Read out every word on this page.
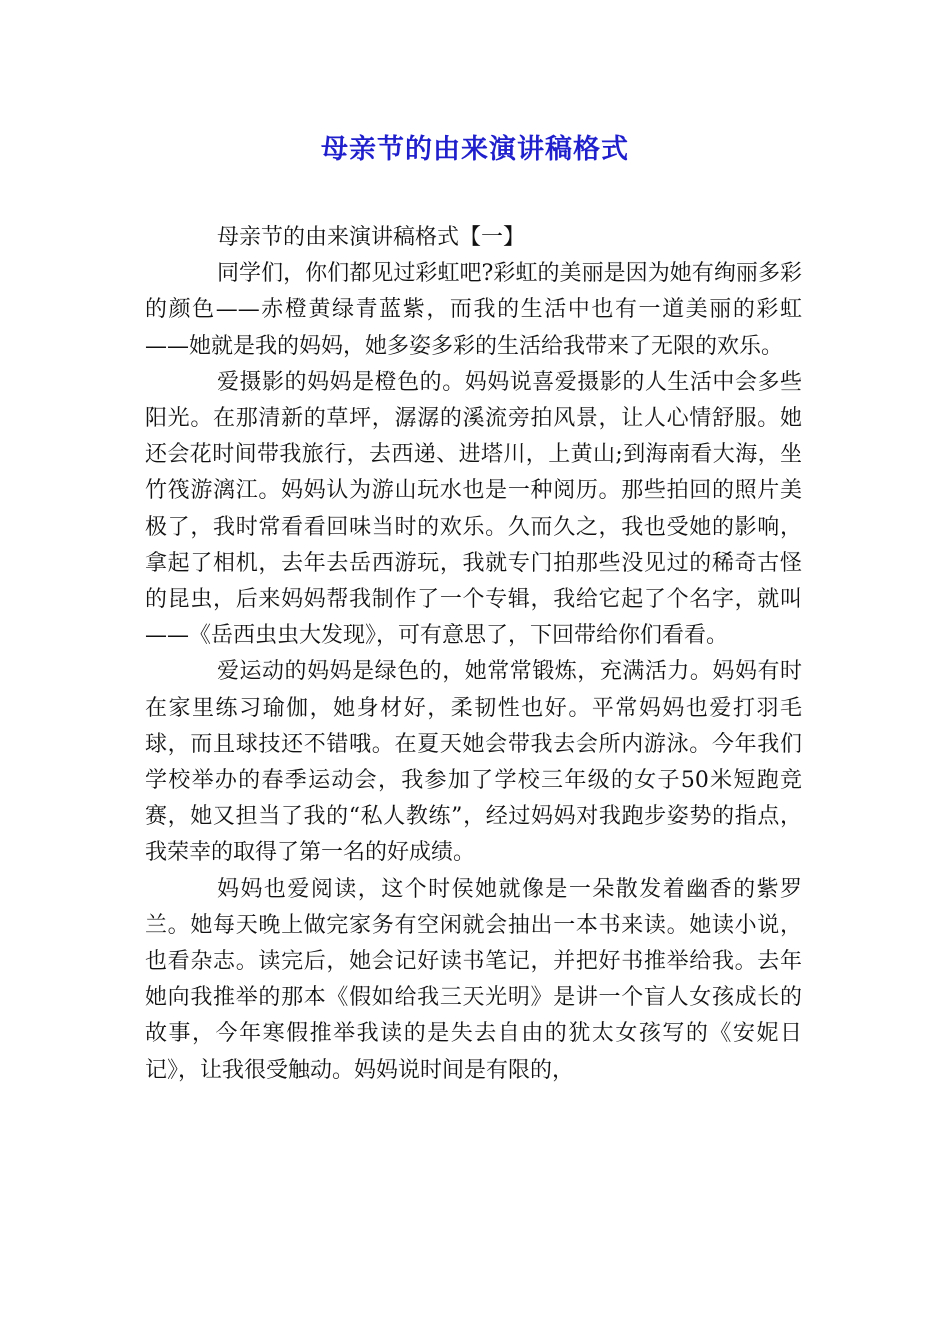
母亲节的由来演讲稿格式

母亲节的由来演讲稿格式【一】

同学们，你们都见过彩虹吧?彩虹的美丽是因为她有绚丽多彩的颜色——赤橙黄绿青蓝紫，而我的生活中也有一道美丽的彩虹——她就是我的妈妈，她多姿多彩的生活给我带来了无限的欢乐。

爱摄影的妈妈是橙色的。妈妈说喜爱摄影的人生活中会多些阳光。在那清新的草坪，潺潺的溪流旁拍风景，让人心情舒服。她还会花时间带我旅行，去西递、进塔川，上黄山;到海南看大海，坐竹筏游漓江。妈妈认为游山玩水也是一种阅历。那些拍回的照片美极了，我时常看看回味当时的欢乐。久而久之，我也受她的影响，拿起了相机，去年去岳西游玩，我就专门拍那些没见过的稀奇古怪的昆虫，后来妈妈帮我制作了一个专辑，我给它起了个名字，就叫——《岳西虫虫大发现》，可有意思了，下回带给你们看看。

爱运动的妈妈是绿色的，她常常锻炼，充满活力。妈妈有时在家里练习瑜伽，她身材好，柔韧性也好。平常妈妈也爱打羽毛球，而且球技还不错哦。在夏天她会带我去会所内游泳。今年我们学校举办的春季运动会，我参加了学校三年级的女子50米短跑竞赛，她又担当了我的“私人教练”，经过妈妈对我跑步姿势的指点，我荣幸的取得了第一名的好成绩。

妈妈也爱阅读，这个时侯她就像是一朵散发着幽香的紫罗兰。她每天晚上做完家务有空闲就会抽出一本书来读。她读小说，也看杂志。读完后，她会记好读书笔记，并把好书推举给我。去年她向我推举的那本《假如给我三天光明》是讲一个盲人女孩成长的故事，今年寒假推举我读的是失去自由的犹太女孩写的《安妮日记》，让我很受触动。妈妈说时间是有限的，
